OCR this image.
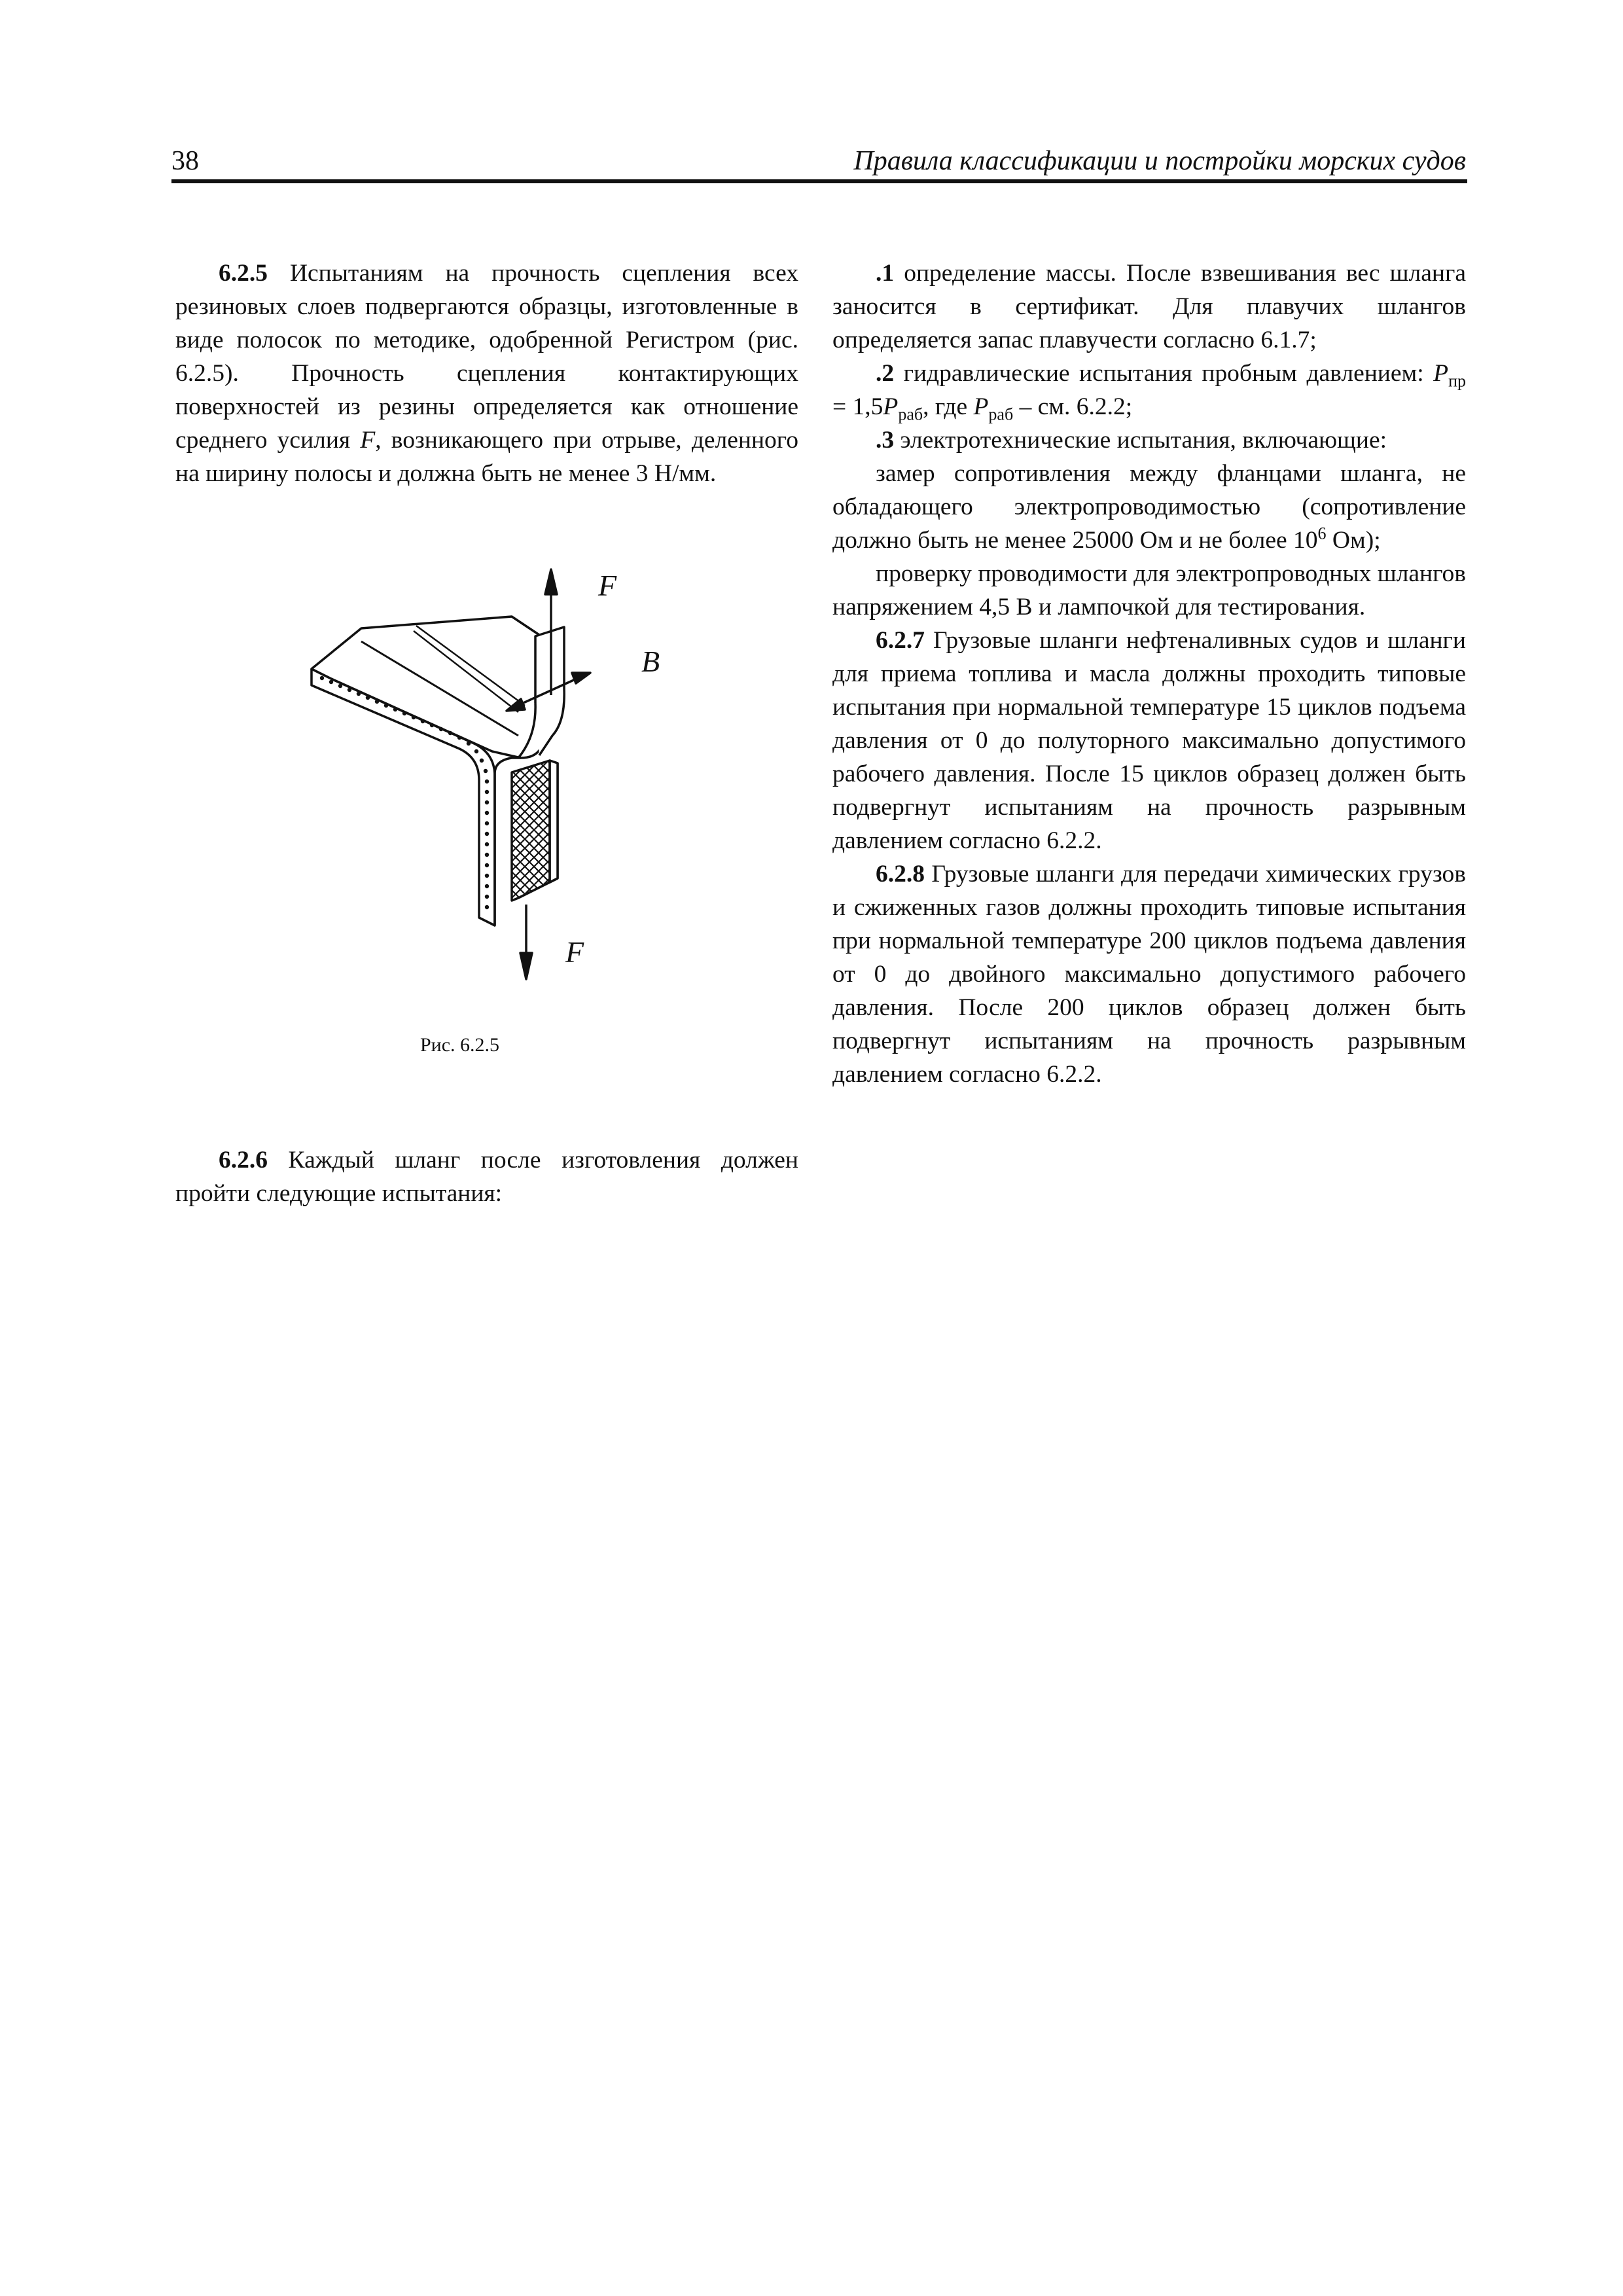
38	Правила классификации и постройки морских судов

6.2.5 Испытаниям на прочность сцепления всех резиновых слоев подвергаются образцы, изготовленные в виде полосок по методике, одобренной Регистром (рис. 6.2.5). Прочность сцепления контактирующих поверхностей из резины определяется как отношение среднего усилия F, возникающего при отрыве, деленного на ширину полосы и должна быть не менее 3 Н/мм.

F
B
F
Рис. 6.2.5

6.2.6 Каждый шланг после изготовления должен пройти следующие испытания:

.1 определение массы. После взвешивания вес шланга заносится в сертификат. Для плавучих шлангов определяется запас плавучести согласно 6.1.7;

.2 гидравлические испытания пробным давлением: $P_{пр} = 1,5P_{раб}$, где $P_{раб}$ – см. 6.2.2;

.3 электротехнические испытания, включающие:

замер сопротивления между фланцами шланга, не обладающего электропроводимостью (сопротивление должно быть не менее 25000 Ом и не более $10^6$ Ом);

проверку проводимости для электропроводных шлангов напряжением 4,5 В и лампочкой для тестирования.

6.2.7 Грузовые шланги нефтеналивных судов и шланги для приема топлива и масла должны проходить типовые испытания при нормальной температуре 15 циклов подъема давления от 0 до полуторного максимально допустимого рабочего давления. После 15 циклов образец должен быть подвергнут испытаниям на прочность разрывным давлением согласно 6.2.2.

6.2.8 Грузовые шланги для передачи химических грузов и сжиженных газов должны проходить типовые испытания при нормальной температуре 200 циклов подъема давления от 0 до двойного максимально допустимого рабочего давления. После 200 циклов образец должен быть подвергнут испытаниям на прочность разрывным давлением согласно 6.2.2.
